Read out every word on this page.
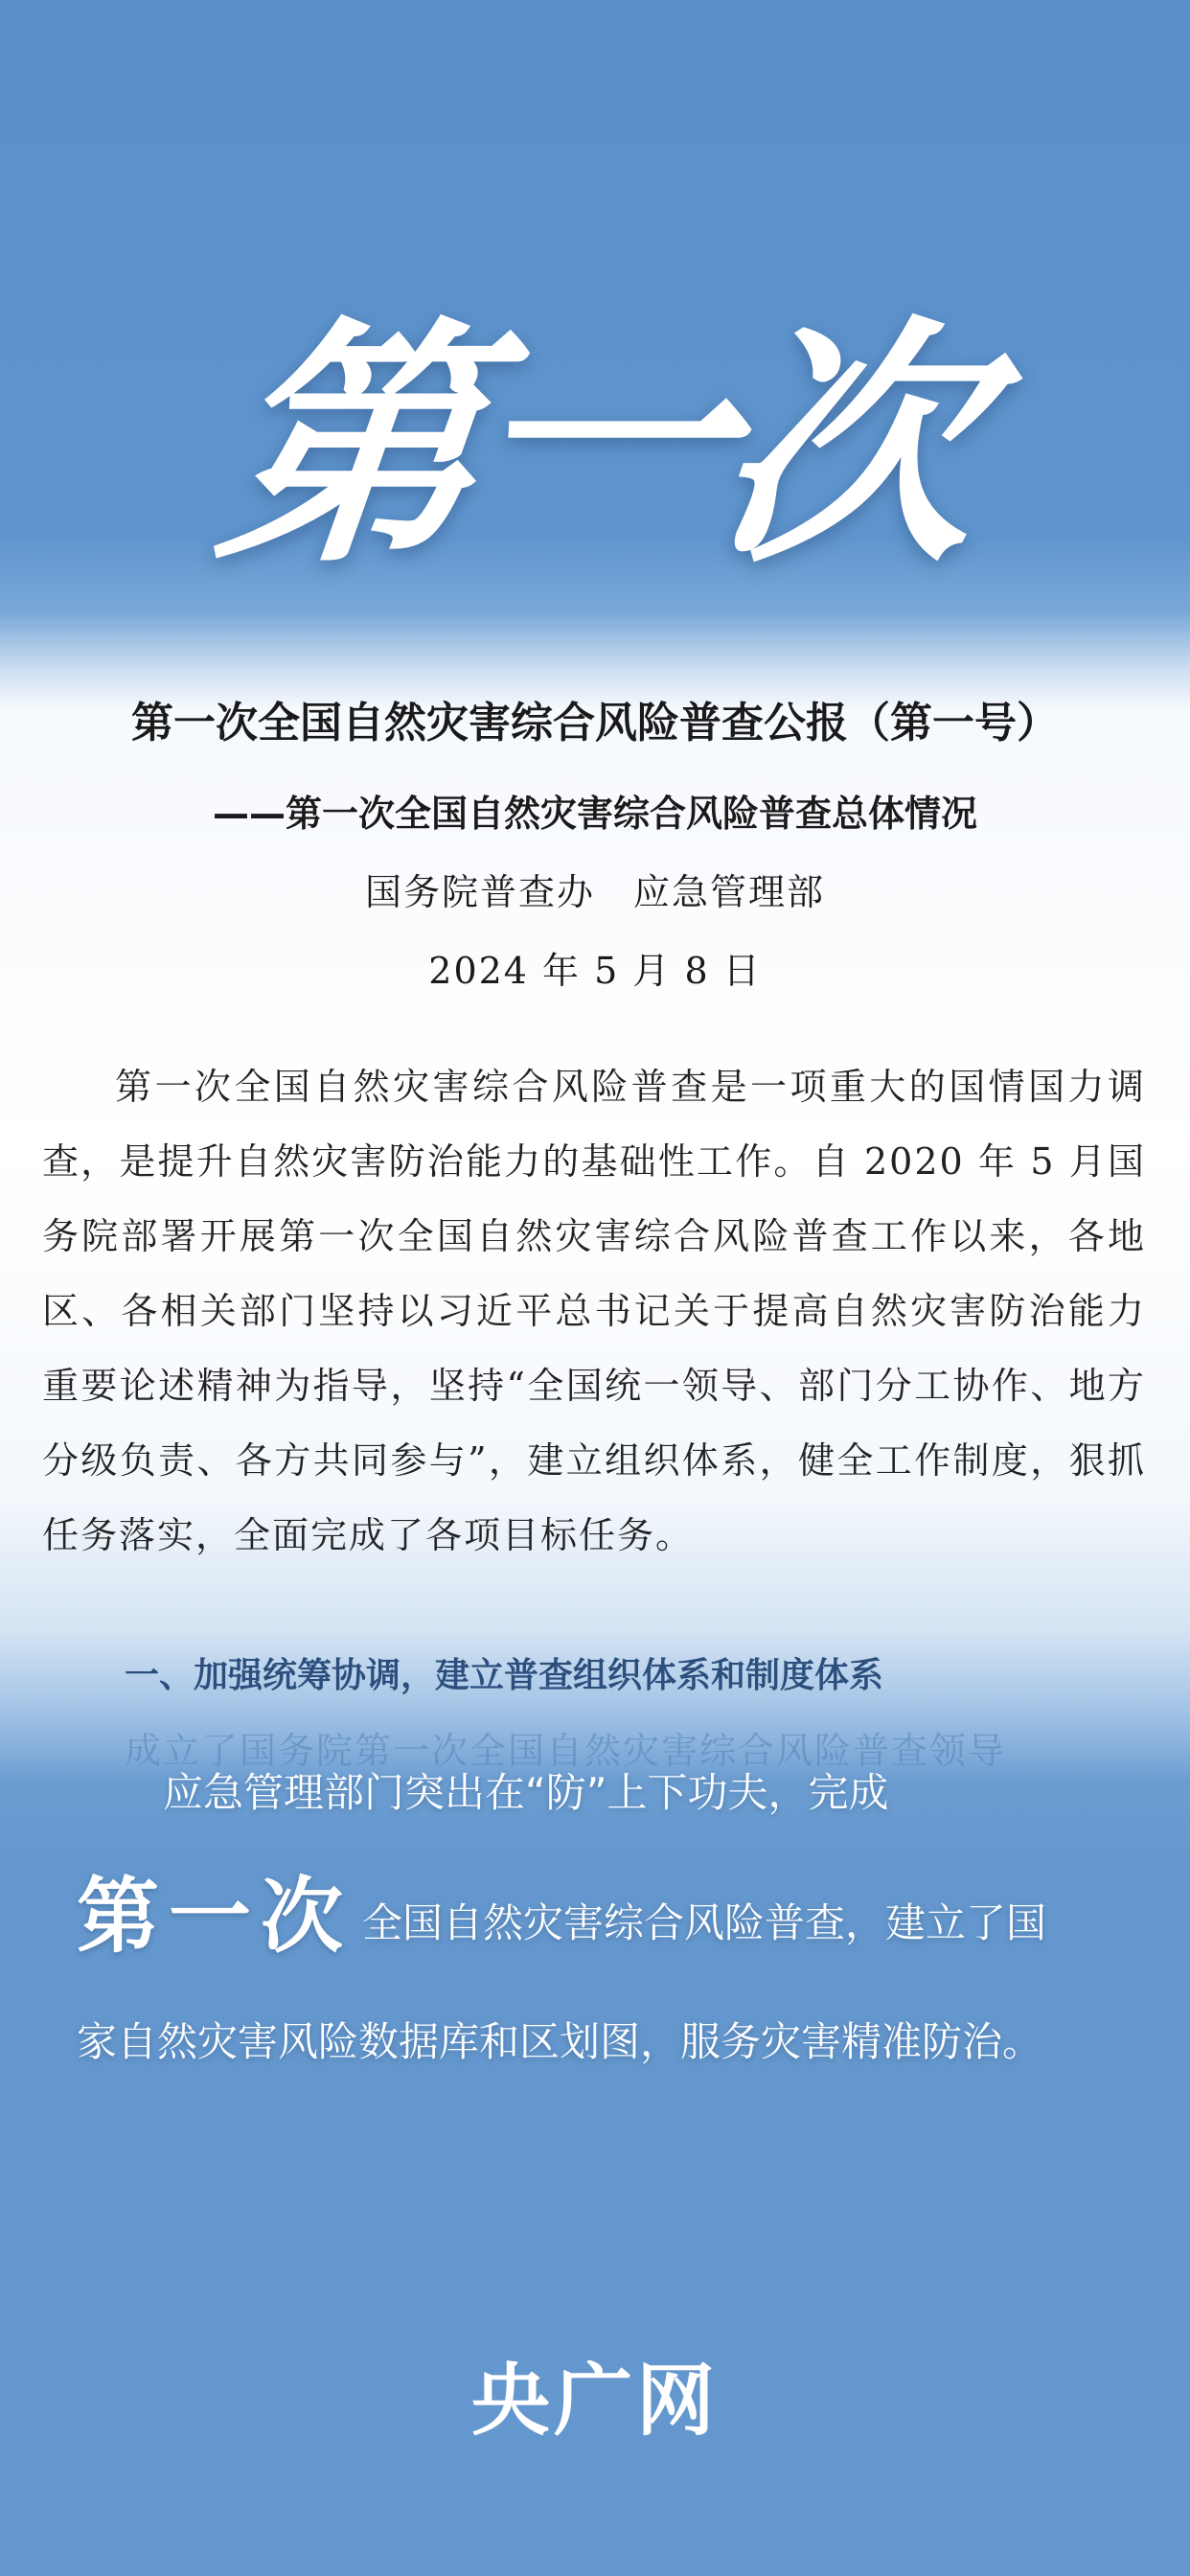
第一次
第一次全国自然灾害综合风险普查公报（第一号）
——第一次全国自然灾害综合风险普查总体情况
国务院普查办　应急管理部
2024 年 5 月 8 日
第一次全国自然灾害综合风险普查是一项重大的国情国力调查，是提升自然灾害防治能力的基础性工作。自 2020 年 5 月国务院部署开展第一次全国自然灾害综合风险普查工作以来，各地区、各相关部门坚持以习近平总书记关于提高自然灾害防治能力重要论述精神为指导，坚持“全国统一领导、部门分工协作、地方分级负责、各方共同参与”，建立组织体系，健全工作制度，狠抓任务落实，全面完成了各项目标任务。
一、加强统筹协调，建立普查组织体系和制度体系
成立了国务院第一次全国自然灾害综合风险普查领导
应急管理部门突出在“防”上下功夫，完成
第一次 全国自然灾害综合风险普查，建立了国
家自然灾害风险数据库和区划图，服务灾害精准防治。
央广网
